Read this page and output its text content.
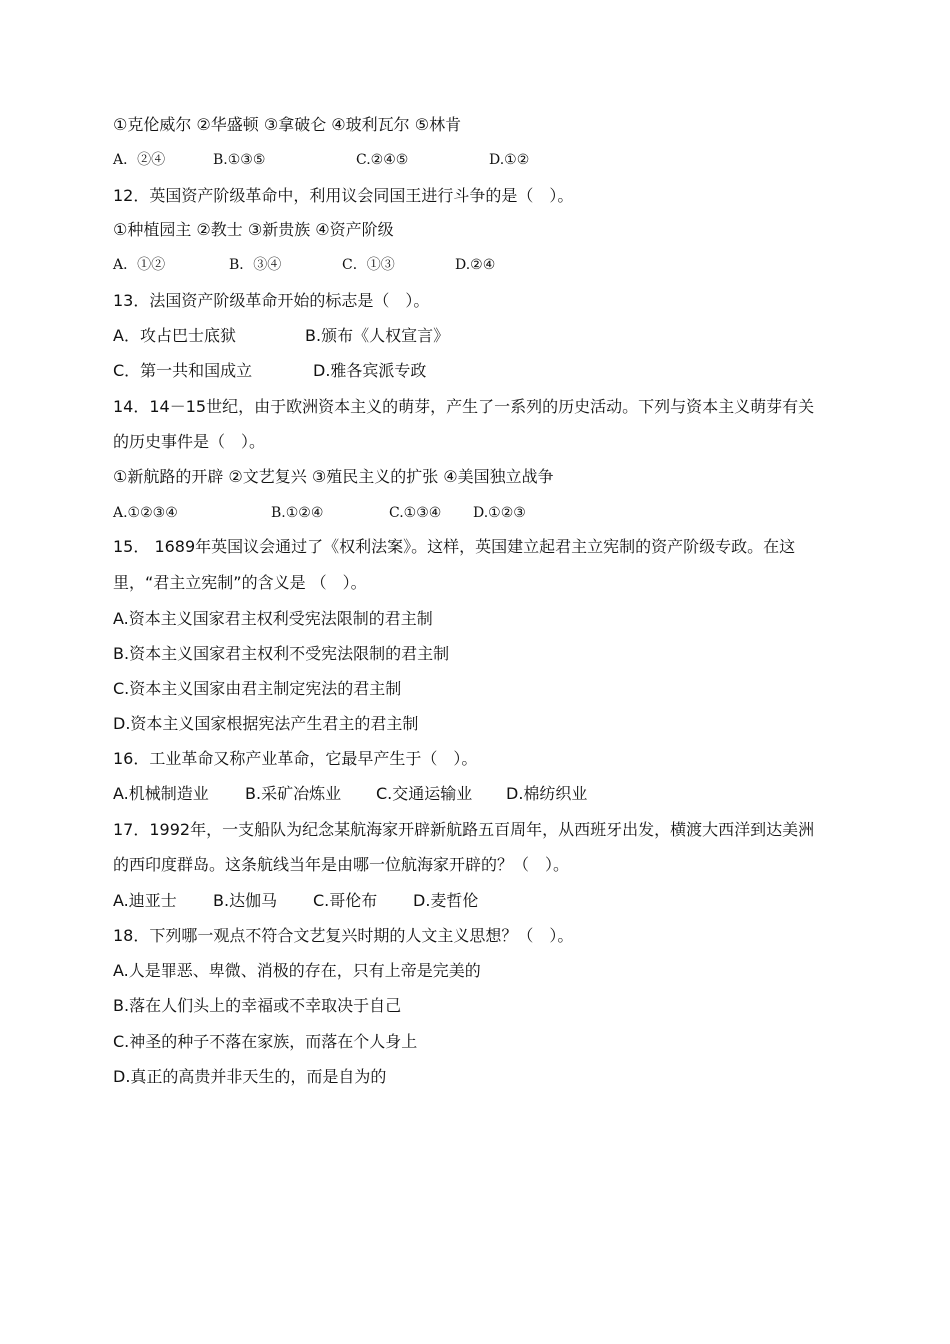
①克伦威尔 ②华盛顿 ③拿破仑 ④玻利瓦尔 ⑤林肯
A．②④	B.①③⑤	C.②④⑤	D.①②
12．英国资产阶级革命中，利用议会同国王进行斗争的是（　）。
①种植园主 ②教士 ③新贵族 ④资产阶级
A．①②	B．③④	C．①③	D.②④
13．法国资产阶级革命开始的标志是（　）。
A．攻占巴士底狱	B.颁布《人权宣言》
C．第一共和国成立	D.雅各宾派专政
14．14－15世纪，由于欧洲资本主义的萌芽，产生了一系列的历史活动。下列与资本主义萌芽有关
的历史事件是（　）。
①新航路的开辟 ②文艺复兴 ③殖民主义的扩张 ④美国独立战争
A.①②③④	B.①②④	C.①③④ D.①②③
15． 1689年英国议会通过了《权利法案》。这样，英国建立起君主立宪制的资产阶级专政。在这
里，“君主立宪制”的含义是 （　）。
A.资本主义国家君主权利受宪法限制的君主制
B.资本主义国家君主权利不受宪法限制的君主制
C.资本主义国家由君主制定宪法的君主制
D.资本主义国家根据宪法产生君主的君主制
16．工业革命又称产业革命，它最早产生于（　）。
A.机械制造业 B.采矿冶炼业 C.交通运输业 D.棉纺织业
17．1992年，一支船队为纪念某航海家开辟新航路五百周年，从西班牙出发，横渡大西洋到达美洲
的西印度群岛。这条航线当年是由哪一位航海家开辟的？（　）。
A.迪亚士 B.达伽马 C.哥伦布 D.麦哲伦
18．下列哪一观点不符合文艺复兴时期的人文主义思想？（　）。
A.人是罪恶、卑微、消极的存在，只有上帝是完美的
B.落在人们头上的幸福或不幸取决于自己
C.神圣的种子不落在家族，而落在个人身上
D.真正的高贵并非天生的，而是自为的
